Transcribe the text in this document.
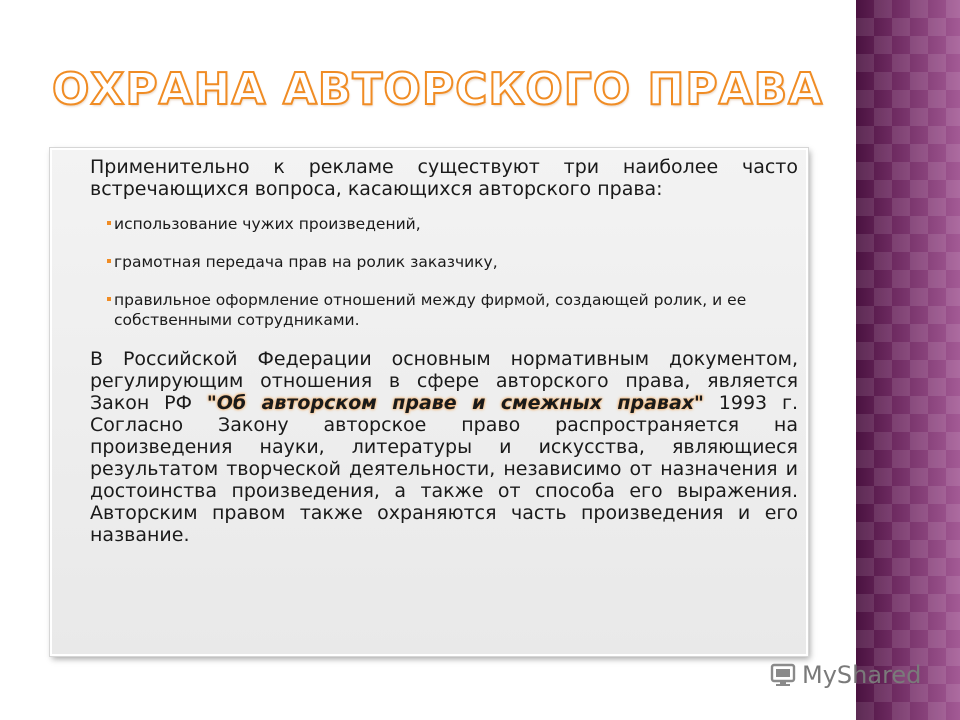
ОХРАНА АВТОРСКОГО ПРАВА

Применительно к рекламе существуют три наиболее часто встречающихся вопроса, касающихся авторского права:

использование чужих произведений,
грамотная передача прав на ролик заказчику,
правильное оформление отношений между фирмой, создающей ролик, и ее собственными сотрудниками.

В Российской Федерации основным нормативным документом, регулирующим отношения в сфере авторского права, является Закон РФ "Об авторском праве и смежных правах" 1993 г. Согласно Закону авторское право распространяется на произведения науки, литературы и искусства, являющиеся результатом творческой деятельности, независимо от назначения и достоинства произведения, а также от способа его выражения. Авторским правом также охраняются часть произведения и его название.

MyShared
